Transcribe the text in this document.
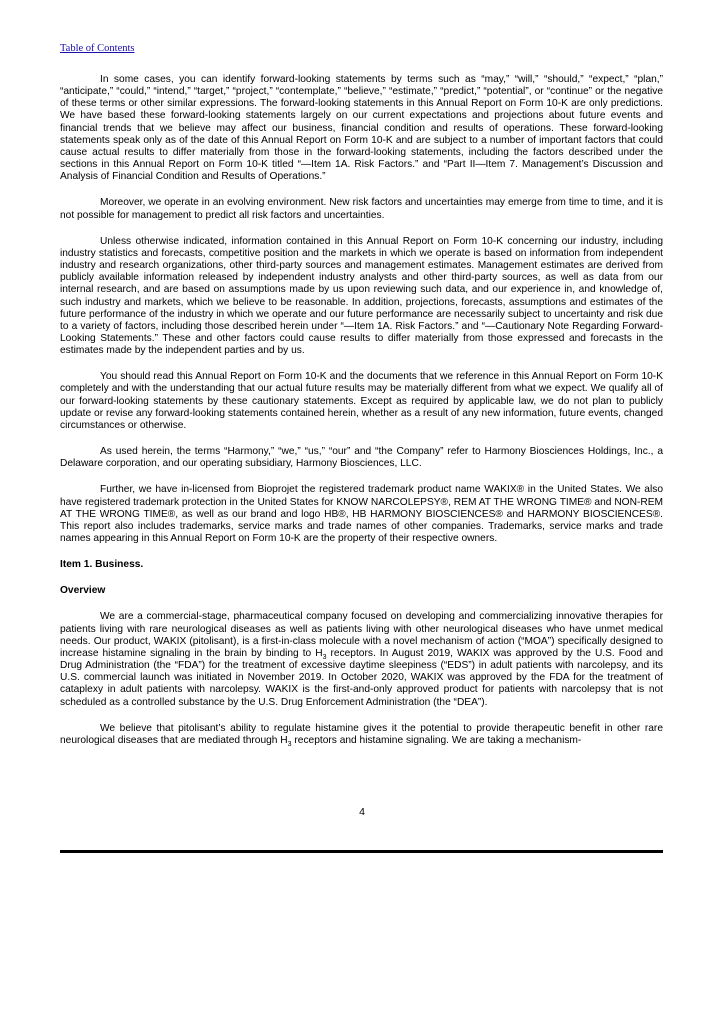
Table of Contents

In some cases, you can identify forward-looking statements by terms such as “may,” “will,” “should,” “expect,” “plan,” “anticipate,” “could,” “intend,” “target,” “project,” “contemplate,” “believe,” “estimate,” “predict,” “potential”, or “continue” or the negative of these terms or other similar expressions. The forward-looking statements in this Annual Report on Form 10-K are only predictions. We have based these forward-looking statements largely on our current expectations and projections about future events and financial trends that we believe may affect our business, financial condition and results of operations. These forward-looking statements speak only as of the date of this Annual Report on Form 10-K and are subject to a number of important factors that could cause actual results to differ materially from those in the forward-looking statements, including the factors described under the sections in this Annual Report on Form 10-K titled “—Item 1A. Risk Factors.” and “Part II—Item 7. Management’s Discussion and Analysis of Financial Condition and Results of Operations.”

Moreover, we operate in an evolving environment. New risk factors and uncertainties may emerge from time to time, and it is not possible for management to predict all risk factors and uncertainties.

Unless otherwise indicated, information contained in this Annual Report on Form 10-K concerning our industry, including industry statistics and forecasts, competitive position and the markets in which we operate is based on information from independent industry and research organizations, other third-party sources and management estimates. Management estimates are derived from publicly available information released by independent industry analysts and other third-party sources, as well as data from our internal research, and are based on assumptions made by us upon reviewing such data, and our experience in, and knowledge of, such industry and markets, which we believe to be reasonable. In addition, projections, forecasts, assumptions and estimates of the future performance of the industry in which we operate and our future performance are necessarily subject to uncertainty and risk due to a variety of factors, including those described herein under “—Item 1A. Risk Factors.” and “—Cautionary Note Regarding Forward-Looking Statements.” These and other factors could cause results to differ materially from those expressed and forecasts in the estimates made by the independent parties and by us.

You should read this Annual Report on Form 10-K and the documents that we reference in this Annual Report on Form 10-K completely and with the understanding that our actual future results may be materially different from what we expect. We qualify all of our forward-looking statements by these cautionary statements. Except as required by applicable law, we do not plan to publicly update or revise any forward-looking statements contained herein, whether as a result of any new information, future events, changed circumstances or otherwise.

As used herein, the terms “Harmony,” “we,” “us,” “our” and “the Company” refer to Harmony Biosciences Holdings, Inc., a Delaware corporation, and our operating subsidiary, Harmony Biosciences, LLC.

Further, we have in-licensed from Bioprojet the registered trademark product name WAKIX® in the United States. We also have registered trademark protection in the United States for KNOW NARCOLEPSY®, REM AT THE WRONG TIME® and NON-REM AT THE WRONG TIME®, as well as our brand and logo HB®, HB HARMONY BIOSCIENCES® and HARMONY BIOSCIENCES®. This report also includes trademarks, service marks and trade names of other companies. Trademarks, service marks and trade names appearing in this Annual Report on Form 10-K are the property of their respective owners.

Item 1. Business.

Overview

We are a commercial-stage, pharmaceutical company focused on developing and commercializing innovative therapies for patients living with rare neurological diseases as well as patients living with other neurological diseases who have unmet medical needs. Our product, WAKIX (pitolisant), is a first-in-class molecule with a novel mechanism of action (“MOA”) specifically designed to increase histamine signaling in the brain by binding to $H_3$ receptors. In August 2019, WAKIX was approved by the U.S. Food and Drug Administration (the “FDA”) for the treatment of excessive daytime sleepiness (“EDS”) in adult patients with narcolepsy, and its U.S. commercial launch was initiated in November 2019. In October 2020, WAKIX was approved by the FDA for the treatment of cataplexy in adult patients with narcolepsy. WAKIX is the first-and-only approved product for patients with narcolepsy that is not scheduled as a controlled substance by the U.S. Drug Enforcement Administration (the “DEA”).

We believe that pitolisant’s ability to regulate histamine gives it the potential to provide therapeutic benefit in other rare neurological diseases that are mediated through $H_3$ receptors and histamine signaling. We are taking a mechanism-

4
